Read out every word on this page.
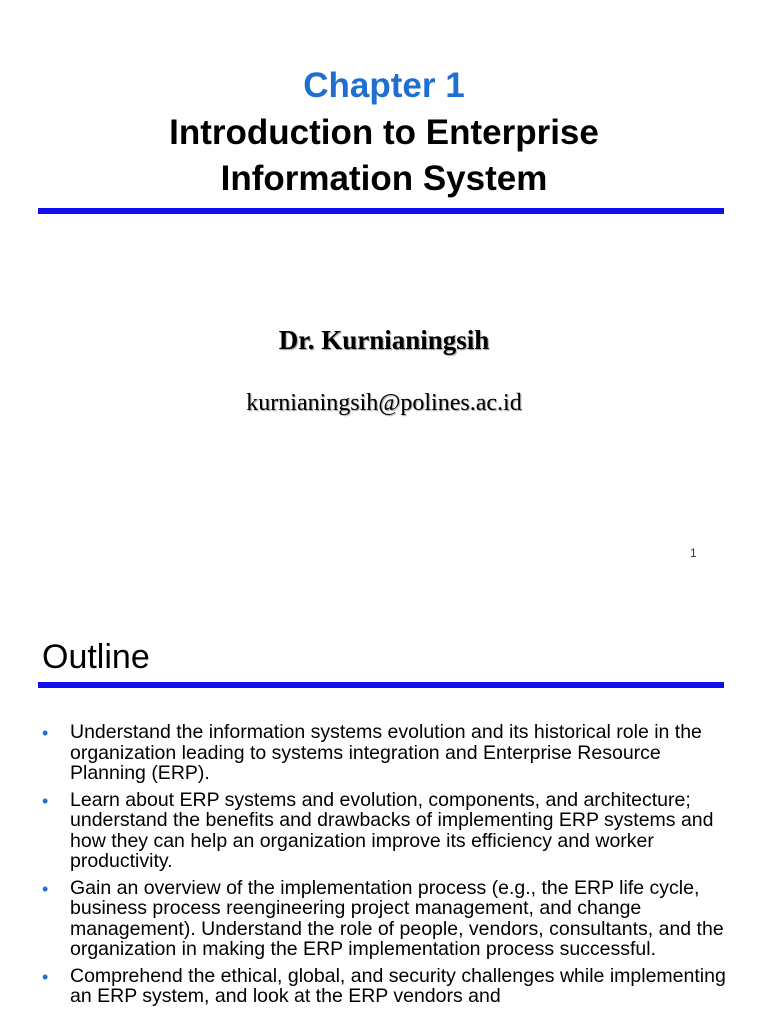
Chapter 1
Introduction to Enterprise
Information System
Dr. Kurnianingsih
kurnianingsih@polines.ac.id
1
Outline
• Understand the information systems evolution and its historical role in the organization leading to systems integration and Enterprise Resource Planning (ERP).
• Learn about ERP systems and evolution, components, and architecture; understand the benefits and drawbacks of implementing ERP systems and how they can help an organization improve its efficiency and worker productivity.
• Gain an overview of the implementation process (e.g., the ERP life cycle, business process reengineering project management, and change management). Understand the role of people, vendors, consultants, and the organization in making the ERP implementation process successful.
• Comprehend the ethical, global, and security challenges while implementing an ERP system, and look at the ERP vendors and
